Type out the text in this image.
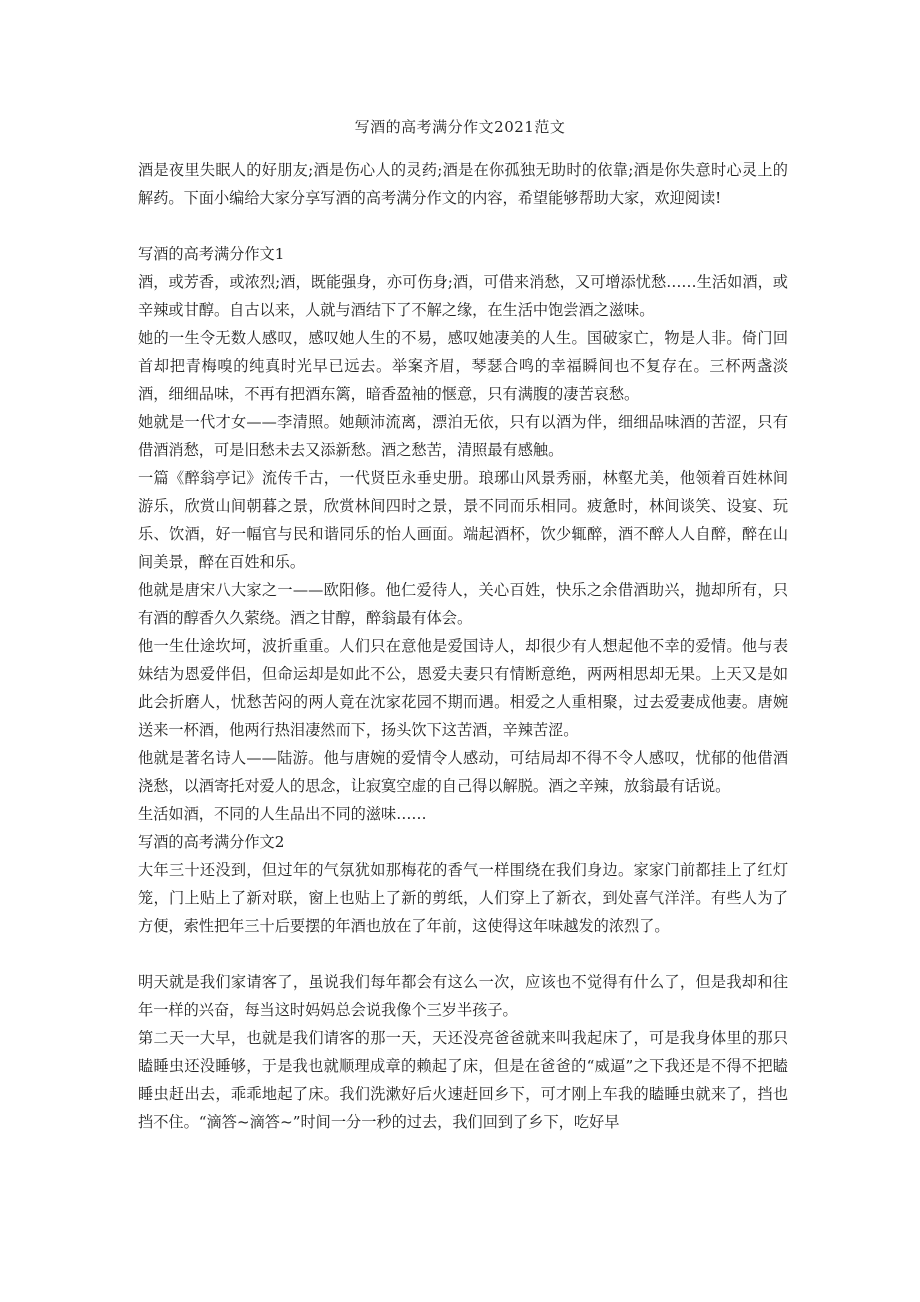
写酒的高考满分作文2021范文

酒是夜里失眠人的好朋友;酒是伤心人的灵药;酒是在你孤独无助时的依靠;酒是你失意时心灵上的解药。下面小编给大家分享写酒的高考满分作文的内容，希望能够帮助大家，欢迎阅读!

写酒的高考满分作文1

酒，或芳香，或浓烈;酒，既能强身，亦可伤身;酒，可借来消愁，又可增添忧愁……生活如酒，或辛辣或甘醇。自古以来，人就与酒结下了不解之缘，在生活中饱尝酒之滋味。

她的一生令无数人感叹，感叹她人生的不易，感叹她凄美的人生。国破家亡，物是人非。倚门回首却把青梅嗅的纯真时光早已远去。举案齐眉，琴瑟合鸣的幸福瞬间也不复存在。三杯两盏淡酒，细细品味，不再有把酒东篱，暗香盈袖的惬意，只有满腹的凄苦哀愁。

她就是一代才女——李清照。她颠沛流离，漂泊无依，只有以酒为伴，细细品味酒的苦涩，只有借酒消愁，可是旧愁未去又添新愁。酒之愁苦，清照最有感触。

一篇《醉翁亭记》流传千古，一代贤臣永垂史册。琅琊山风景秀丽，林壑尤美，他领着百姓林间游乐，欣赏山间朝暮之景，欣赏林间四时之景，景不同而乐相同。疲惫时，林间谈笑、设宴、玩乐、饮酒，好一幅官与民和谐同乐的怡人画面。端起酒杯，饮少辄醉，酒不醉人人自醉，醉在山间美景，醉在百姓和乐。

他就是唐宋八大家之一——欧阳修。他仁爱待人，关心百姓，快乐之余借酒助兴，抛却所有，只有酒的醇香久久萦绕。酒之甘醇，醉翁最有体会。

他一生仕途坎坷，波折重重。人们只在意他是爱国诗人，却很少有人想起他不幸的爱情。他与表妹结为恩爱伴侣，但命运却是如此不公，恩爱夫妻只有情断意绝，两两相思却无果。上天又是如此会折磨人，忧愁苦闷的两人竟在沈家花园不期而遇。相爱之人重相聚，过去爱妻成他妻。唐婉送来一杯酒，他两行热泪凄然而下，扬头饮下这苦酒，辛辣苦涩。

他就是著名诗人——陆游。他与唐婉的爱情令人感动，可结局却不得不令人感叹，忧郁的他借酒浇愁，以酒寄托对爱人的思念，让寂寞空虚的自己得以解脱。酒之辛辣，放翁最有话说。

生活如酒，不同的人生品出不同的滋味……

写酒的高考满分作文2

大年三十还没到，但过年的气氛犹如那梅花的香气一样围绕在我们身边。家家门前都挂上了红灯笼，门上贴上了新对联，窗上也贴上了新的剪纸，人们穿上了新衣，到处喜气洋洋。有些人为了方便，索性把年三十后要摆的年酒也放在了年前，这使得这年味越发的浓烈了。

明天就是我们家请客了，虽说我们每年都会有这么一次，应该也不觉得有什么了，但是我却和往年一样的兴奋，每当这时妈妈总会说我像个三岁半孩子。

第二天一大早，也就是我们请客的那一天，天还没亮爸爸就来叫我起床了，可是我身体里的那只瞌睡虫还没睡够，于是我也就顺理成章的赖起了床，但是在爸爸的“威逼”之下我还是不得不把瞌睡虫赶出去，乖乖地起了床。我们洗漱好后火速赶回乡下，可才刚上车我的瞌睡虫就来了，挡也挡不住。“滴答~滴答~”时间一分一秒的过去，我们回到了乡下，吃好早
